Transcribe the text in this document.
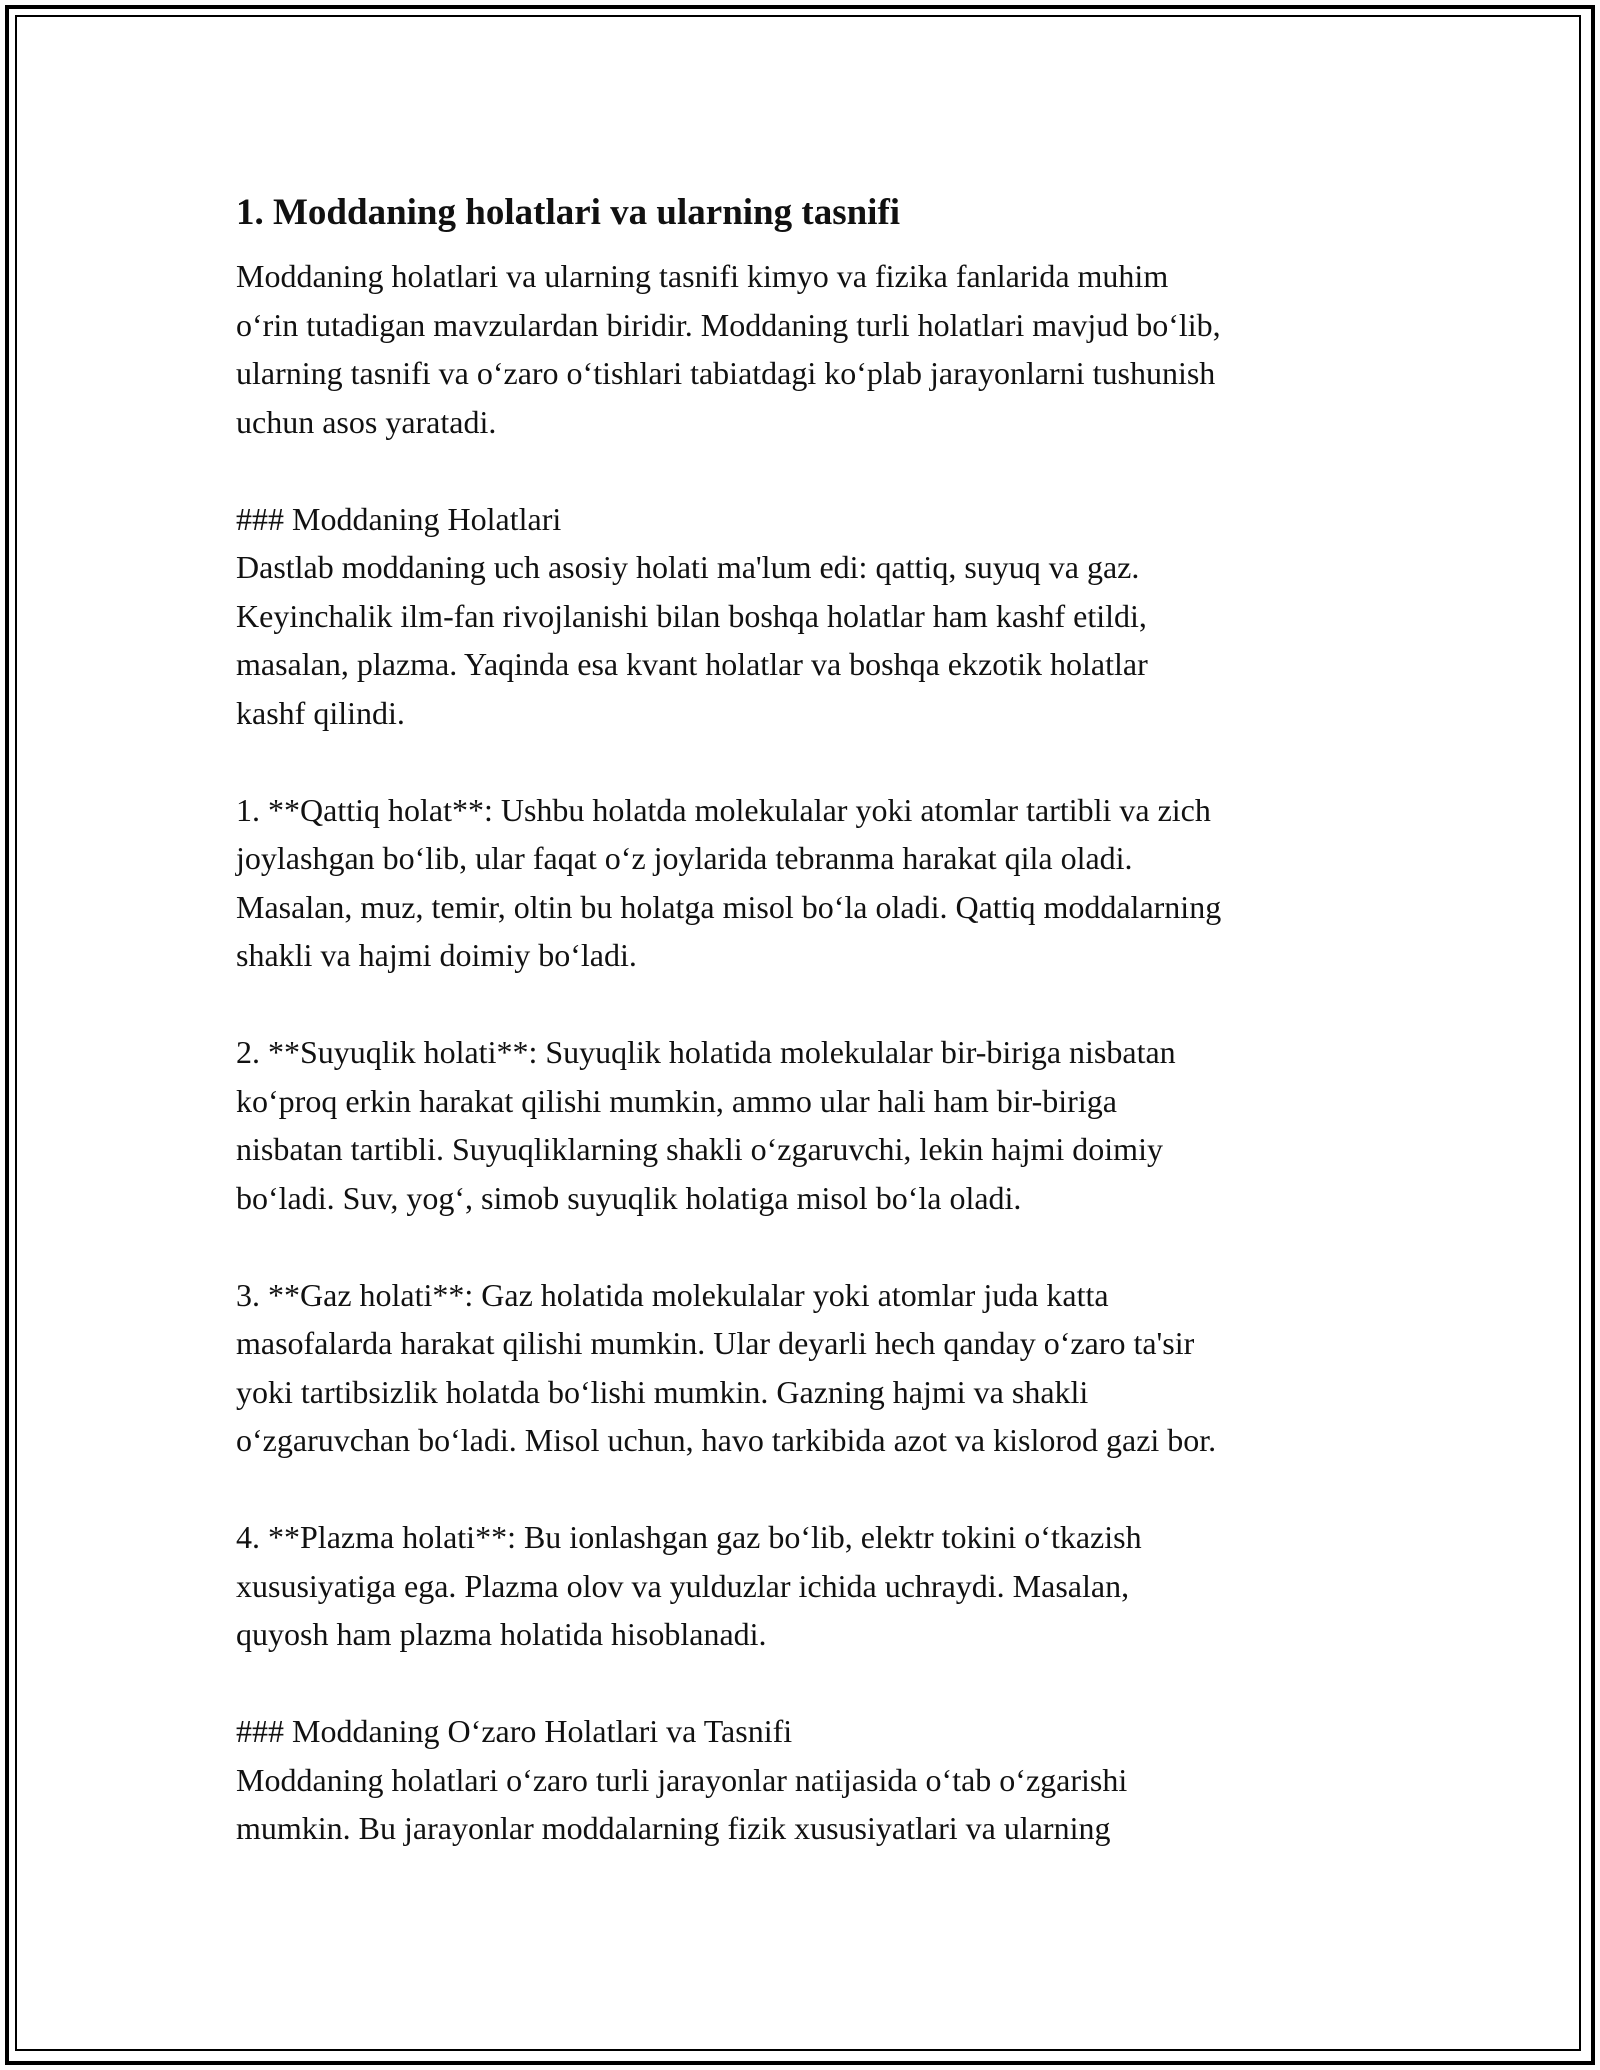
1. Moddaning holatlari va ularning tasnifi
Moddaning holatlari va ularning tasnifi kimyo va fizika fanlarida muhim
o‘rin tutadigan mavzulardan biridir. Moddaning turli holatlari mavjud bo‘lib,
ularning tasnifi va o‘zaro o‘tishlari tabiatdagi ko‘plab jarayonlarni tushunish
uchun asos yaratadi.
### Moddaning Holatlari
Dastlab moddaning uch asosiy holati ma'lum edi: qattiq, suyuq va gaz.
Keyinchalik ilm-fan rivojlanishi bilan boshqa holatlar ham kashf etildi,
masalan, plazma. Yaqinda esa kvant holatlar va boshqa ekzotik holatlar
kashf qilindi.
1. **Qattiq holat**: Ushbu holatda molekulalar yoki atomlar tartibli va zich
joylashgan bo‘lib, ular faqat o‘z joylarida tebranma harakat qila oladi.
Masalan, muz, temir, oltin bu holatga misol bo‘la oladi. Qattiq moddalarning
shakli va hajmi doimiy bo‘ladi.
2. **Suyuqlik holati**: Suyuqlik holatida molekulalar bir-biriga nisbatan
ko‘proq erkin harakat qilishi mumkin, ammo ular hali ham bir-biriga
nisbatan tartibli. Suyuqliklarning shakli o‘zgaruvchi, lekin hajmi doimiy
bo‘ladi. Suv, yog‘, simob suyuqlik holatiga misol bo‘la oladi.
3. **Gaz holati**: Gaz holatida molekulalar yoki atomlar juda katta
masofalarda harakat qilishi mumkin. Ular deyarli hech qanday o‘zaro ta'sir
yoki tartibsizlik holatda bo‘lishi mumkin. Gazning hajmi va shakli
o‘zgaruvchan bo‘ladi. Misol uchun, havo tarkibida azot va kislorod gazi bor.
4. **Plazma holati**: Bu ionlashgan gaz bo‘lib, elektr tokini o‘tkazish
xususiyatiga ega. Plazma olov va yulduzlar ichida uchraydi. Masalan,
quyosh ham plazma holatida hisoblanadi.
### Moddaning O‘zaro Holatlari va Tasnifi
Moddaning holatlari o‘zaro turli jarayonlar natijasida o‘tab o‘zgarishi
mumkin. Bu jarayonlar moddalarning fizik xususiyatlari va ularning
